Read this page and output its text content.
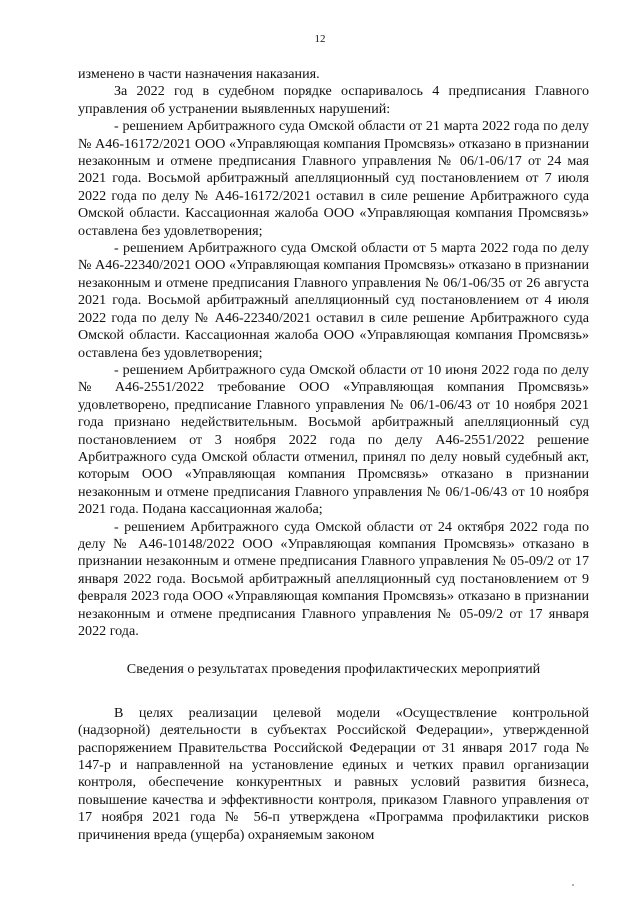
12

изменено в части назначения наказания.

За 2022 год в судебном порядке оспаривалось 4 предписания Главного управления об устранении выявленных нарушений:

- решением Арбитражного суда Омской области от 21 марта 2022 года по делу № А46-16172/2021 ООО «Управляющая компания Промсвязь» отказано в признании незаконным и отмене предписания Главного управления № 06/1-06/17 от 24 мая 2021 года. Восьмой арбитражный апелляционный суд постановлением от 7 июля 2022 года по делу № А46-16172/2021 оставил в силе решение Арбитражного суда Омской области. Кассационная жалоба ООО «Управляющая компания Промсвязь» оставлена без удовлетворения;

- решением Арбитражного суда Омской области от 5 марта 2022 года по делу № А46-22340/2021 ООО «Управляющая компания Промсвязь» отказано в признании незаконным и отмене предписания Главного управления № 06/1-06/35 от 26 августа 2021 года. Восьмой арбитражный апелляционный суд постановлением от 4 июля 2022 года по делу № А46-22340/2021 оставил в силе решение Арбитражного суда Омской области. Кассационная жалоба ООО «Управляющая компания Промсвязь» оставлена без удовлетворения;

- решением Арбитражного суда Омской области от 10 июня 2022 года по делу № А46-2551/2022 требование ООО «Управляющая компания Промсвязь» удовлетворено, предписание Главного управления № 06/1-06/43 от 10 ноября 2021 года признано недействительным. Восьмой арбитражный апелляционный суд постановлением от 3 ноября 2022 года по делу А46-2551/2022 решение Арбитражного суда Омской области отменил, принял по делу новый судебный акт, которым ООО «Управляющая компания Промсвязь» отказано в признании незаконным и отмене предписания Главного управления № 06/1-06/43 от 10 ноября 2021 года. Подана кассационная жалоба;

- решением Арбитражного суда Омской области от 24 октября 2022 года по делу № А46-10148/2022 ООО «Управляющая компания Промсвязь» отказано в признании незаконным и отмене предписания Главного управления № 05-09/2 от 17 января 2022 года. Восьмой арбитражный апелляционный суд постановлением от 9 февраля 2023 года ООО «Управляющая компания Промсвязь» отказано в признании незаконным и отмене предписания Главного управления № 05-09/2 от 17 января 2022 года.

Сведения о результатах проведения профилактических мероприятий

В целях реализации целевой модели «Осуществление контрольной (надзорной) деятельности в субъектах Российской Федерации», утвержденной распоряжением Правительства Российской Федерации от 31 января 2017 года № 147-р и направленной на установление единых и четких правил организации контроля, обеспечение конкурентных и равных условий развития бизнеса, повышение качества и эффективности контроля, приказом Главного управления от 17 ноября 2021 года № 56-п утверждена «Программа профилактики рисков причинения вреда (ущерба) охраняемым законом
